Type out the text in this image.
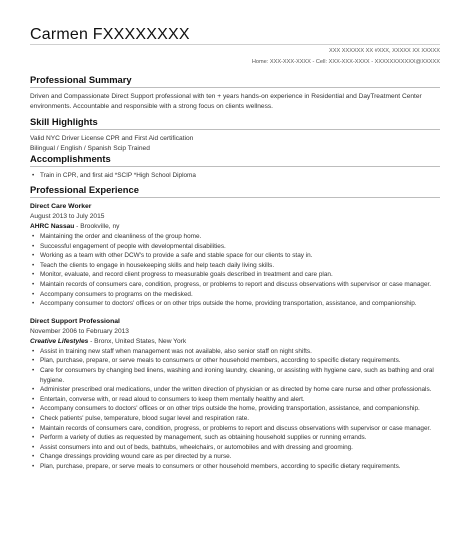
Carmen FXXXXXXXX
XXX XXXXXX XX #XXX, XXXXX XX XXXXX
Home: XXX-XXX-XXXX - Cell: XXX-XXX-XXXX - XXXXXXXXXXX@XXXXX
Professional Summary
Driven and Compassionate Direct Support professional with ten + years hands-on experience in Residential and DayTreatment Center environments. Accountable and responsible with a strong focus on clients wellness.
Skill Highlights
Valid NYC Driver License CPR and First Aid certification
Bilingual / English / Spanish Scip Trained
Accomplishments
• Train in CPR, and first aid *SCIP *High School Diploma
Professional Experience
Direct Care Worker
August 2013 to July 2015
AHRC Nassau - Brookville, ny
• Maintaining the order and cleanliness of the group home.
• Successful engagement of people with developmental disabilities.
• Working as a team with other DCW's to provide a safe and stable space for our clients to stay in.
• Teach the clients to engage in housekeeping skills and help teach daily living skills.
• Monitor, evaluate, and record client progress to measurable goals described in treatment and care plan.
• Maintain records of consumers care, condition, progress, or problems to report and discuss observations with supervisor or case manager.
• Accompany consumers to programs on the medisked.
• Accompany consumer to doctors' offices or on other trips outside the home, providing transportation, assistance, and companionship.
Direct Support Professional
November 2006 to February 2013
Creative Lifestyles - Bronx, United States, New York
• Assist in training new staff when management was not available, also senior staff on night shifts.
• Plan, purchase, prepare, or serve meals to consumers or other household members, according to specific dietary requirements.
• Care for consumers by changing bed linens, washing and ironing laundry, cleaning, or assisting with hygiene care, such as bathing and oral hygiene.
• Administer prescribed oral medications, under the written direction of physician or as directed by home care nurse and other professionals.
• Entertain, converse with, or read aloud to consumers to keep them mentally healthy and alert.
• Accompany consumers to doctors' offices or on other trips outside the home, providing transportation, assistance, and companionship.
• Check patients' pulse, temperature, blood sugar level and respiration rate.
• Maintain records of consumers care, condition, progress, or problems to report and discuss observations with supervisor or case manager.
• Perform a variety of duties as requested by management, such as obtaining household supplies or running errands.
• Assist consumers into and out of beds, bathtubs, wheelchairs, or automobiles and with dressing and grooming.
• Change dressings providing wound care as per directed by a nurse.
• Plan, purchase, prepare, or serve meals to consumers or other household members, according to specific dietary requirements.
